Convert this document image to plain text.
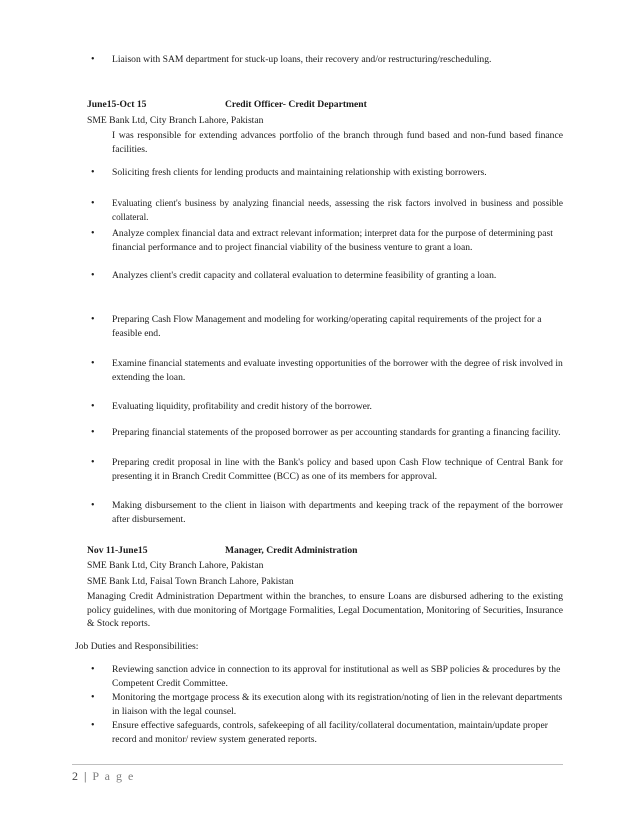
• Liaison with SAM department for stuck-up loans, their recovery and/or restructuring/rescheduling.
June15-Oct 15	Credit Officer- Credit Department
SME Bank Ltd, City Branch Lahore, Pakistan
I was responsible for extending advances portfolio of the branch through fund based and non-fund based finance facilities.
• Soliciting fresh clients for lending products and maintaining relationship with existing borrowers.
• Evaluating client's business by analyzing financial needs, assessing the risk factors involved in business and possible collateral.
• Analyze complex financial data and extract relevant information; interpret data for the purpose of determining past financial performance and to project financial viability of the business venture to grant a loan.
• Analyzes client's credit capacity and collateral evaluation to determine feasibility of granting a loan.
• Preparing Cash Flow Management and modeling for working/operating capital requirements of the project for a feasible end.
• Examine financial statements and evaluate investing opportunities of the borrower with the degree of risk involved in extending the loan.
• Evaluating liquidity, profitability and credit history of the borrower.
• Preparing financial statements of the proposed borrower as per accounting standards for granting a financing facility.
• Preparing credit proposal in line with the Bank's policy and based upon Cash Flow technique of Central Bank for presenting it in Branch Credit Committee (BCC) as one of its members for approval.
• Making disbursement to the client in liaison with departments and keeping track of the repayment of the borrower after disbursement.
Nov 11-June15	Manager, Credit Administration
SME Bank Ltd, City Branch Lahore, Pakistan
SME Bank Ltd, Faisal Town Branch Lahore, Pakistan
Managing Credit Administration Department within the branches, to ensure Loans are disbursed adhering to the existing policy guidelines, with due monitoring of Mortgage Formalities, Legal Documentation, Monitoring of Securities, Insurance & Stock reports.
Job Duties and Responsibilities:
• Reviewing sanction advice in connection to its approval for institutional as well as SBP policies & procedures by the Competent Credit Committee.
• Monitoring the mortgage process & its execution along with its registration/noting of lien in the relevant departments in liaison with the legal counsel.
• Ensure effective safeguards, controls, safekeeping of all facility/collateral documentation, maintain/update proper record and monitor/ review system generated reports.
2 | P a g e
